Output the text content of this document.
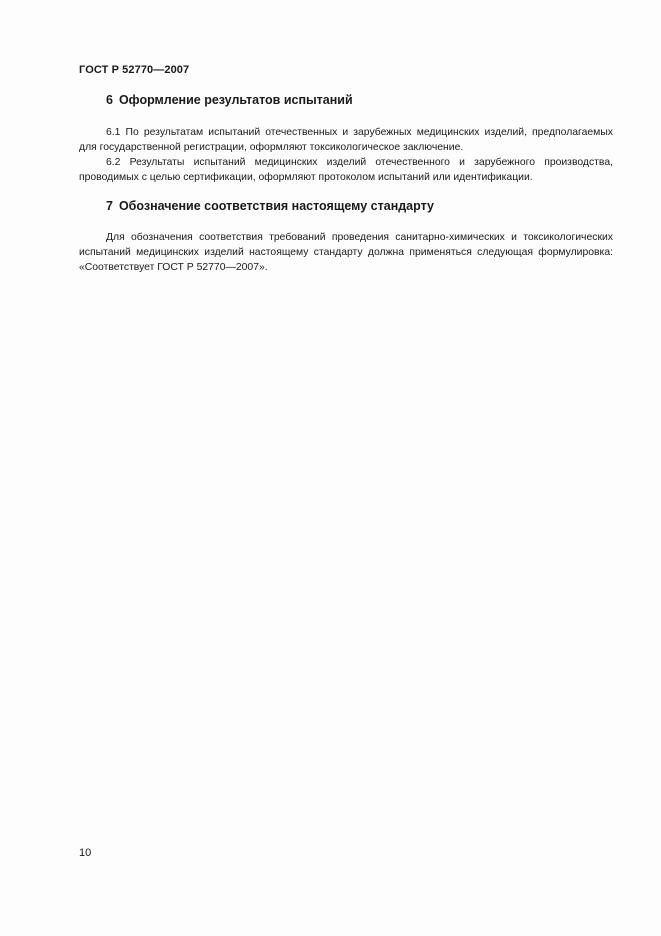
ГОСТ Р 52770—2007
6 Оформление результатов испытаний

6.1 По результатам испытаний отечественных и зарубежных медицинских изделий, предполагаемых для государственной регистрации, оформляют токсикологическое заключение.

6.2 Результаты испытаний медицинских изделий отечественного и зарубежного производства, проводимых с целью сертификации, оформляют протоколом испытаний или идентификации.

7 Обозначение соответствия настоящему стандарту

Для обозначения соответствия требований проведения санитарно-химических и токсикологических испытаний медицинских изделий настоящему стандарту должна применяться следующая формулировка: «Соответствует ГОСТ Р 52770—2007».

10
